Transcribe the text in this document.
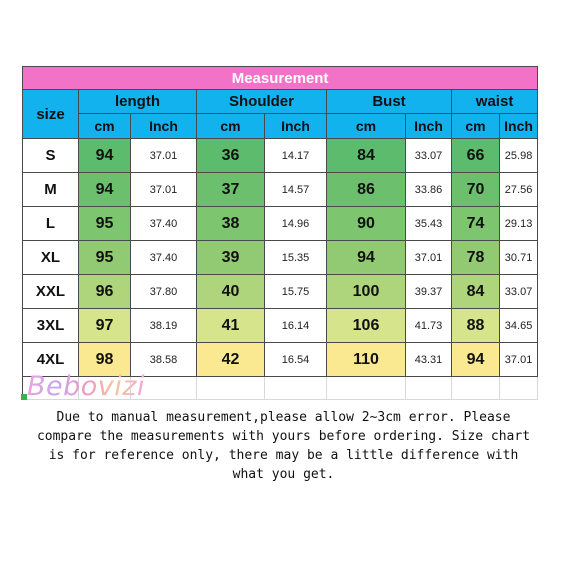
Measurement								
size	length		Shoulder		Bust		waist	
	cm	Inch	cm	Inch	cm	Inch	cm	Inch
S	94	37.01	36	14.17	84	33.07	66	25.98
M	94	37.01	37	14.57	86	33.86	70	27.56
L	95	37.40	38	14.96	90	35.43	74	29.13
XL	95	37.40	39	15.35	94	37.01	78	30.71
XXL	96	37.80	40	15.75	100	39.37	84	33.07
3XL	97	38.19	41	16.14	106	41.73	88	34.65
4XL	98	38.58	42	16.54	110	43.31	94	37.01

Bebovizi
Due to manual measurement,please allow 2~3cm error. Please
compare the measurements with yours before ordering. Size chart
is for reference only, there may be a little difference with
what you get.
